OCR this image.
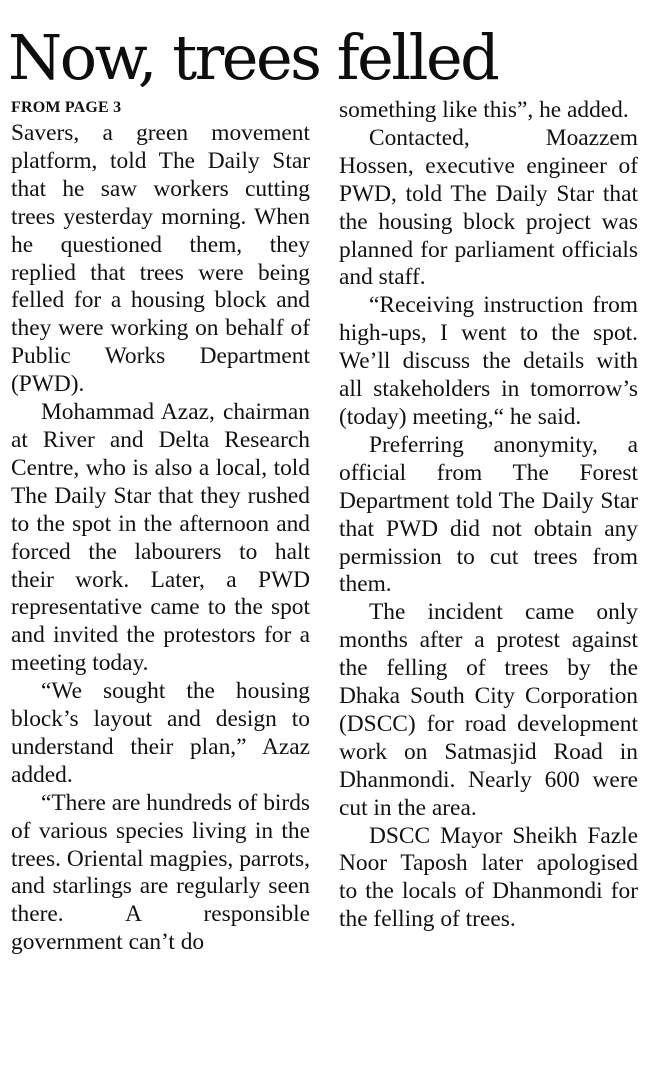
Now, trees felled
FROM PAGE 3

Savers, a green movement platform, told The Daily Star that he saw workers cutting trees yesterday morning. When he questioned them, they replied that trees were being felled for a housing block and they were working on behalf of Public Works Department (PWD).

Mohammad Azaz, chairman at River and Delta Research Centre, who is also a local, told The Daily Star that they rushed to the spot in the afternoon and forced the labourers to halt their work. Later, a PWD representative came to the spot and invited the protestors for a meeting today.

“We sought the housing block’s layout and design to understand their plan,” Azaz added.

“There are hundreds of birds of various species living in the trees. Oriental magpies, parrots, and starlings are regularly seen there. A responsible government can’t do

something like this”, he added.

Contacted, Moazzem Hossen, executive engineer of PWD, told The Daily Star that the housing block project was planned for parliament officials and staff.

“Receiving instruction from high-ups, I went to the spot. We’ll discuss the details with all stakeholders in tomorrow’s (today) meeting,“ he said.

Preferring anonymity, a official from The Forest Department told The Daily Star that PWD did not obtain any permission to cut trees from them.

The incident came only months after a protest against the felling of trees by the Dhaka South City Corporation (DSCC) for road development work on Satmasjid Road in Dhanmondi. Nearly 600 were cut in the area.

DSCC Mayor Sheikh Fazle Noor Taposh later apologised to the locals of Dhanmondi for the felling of trees.
